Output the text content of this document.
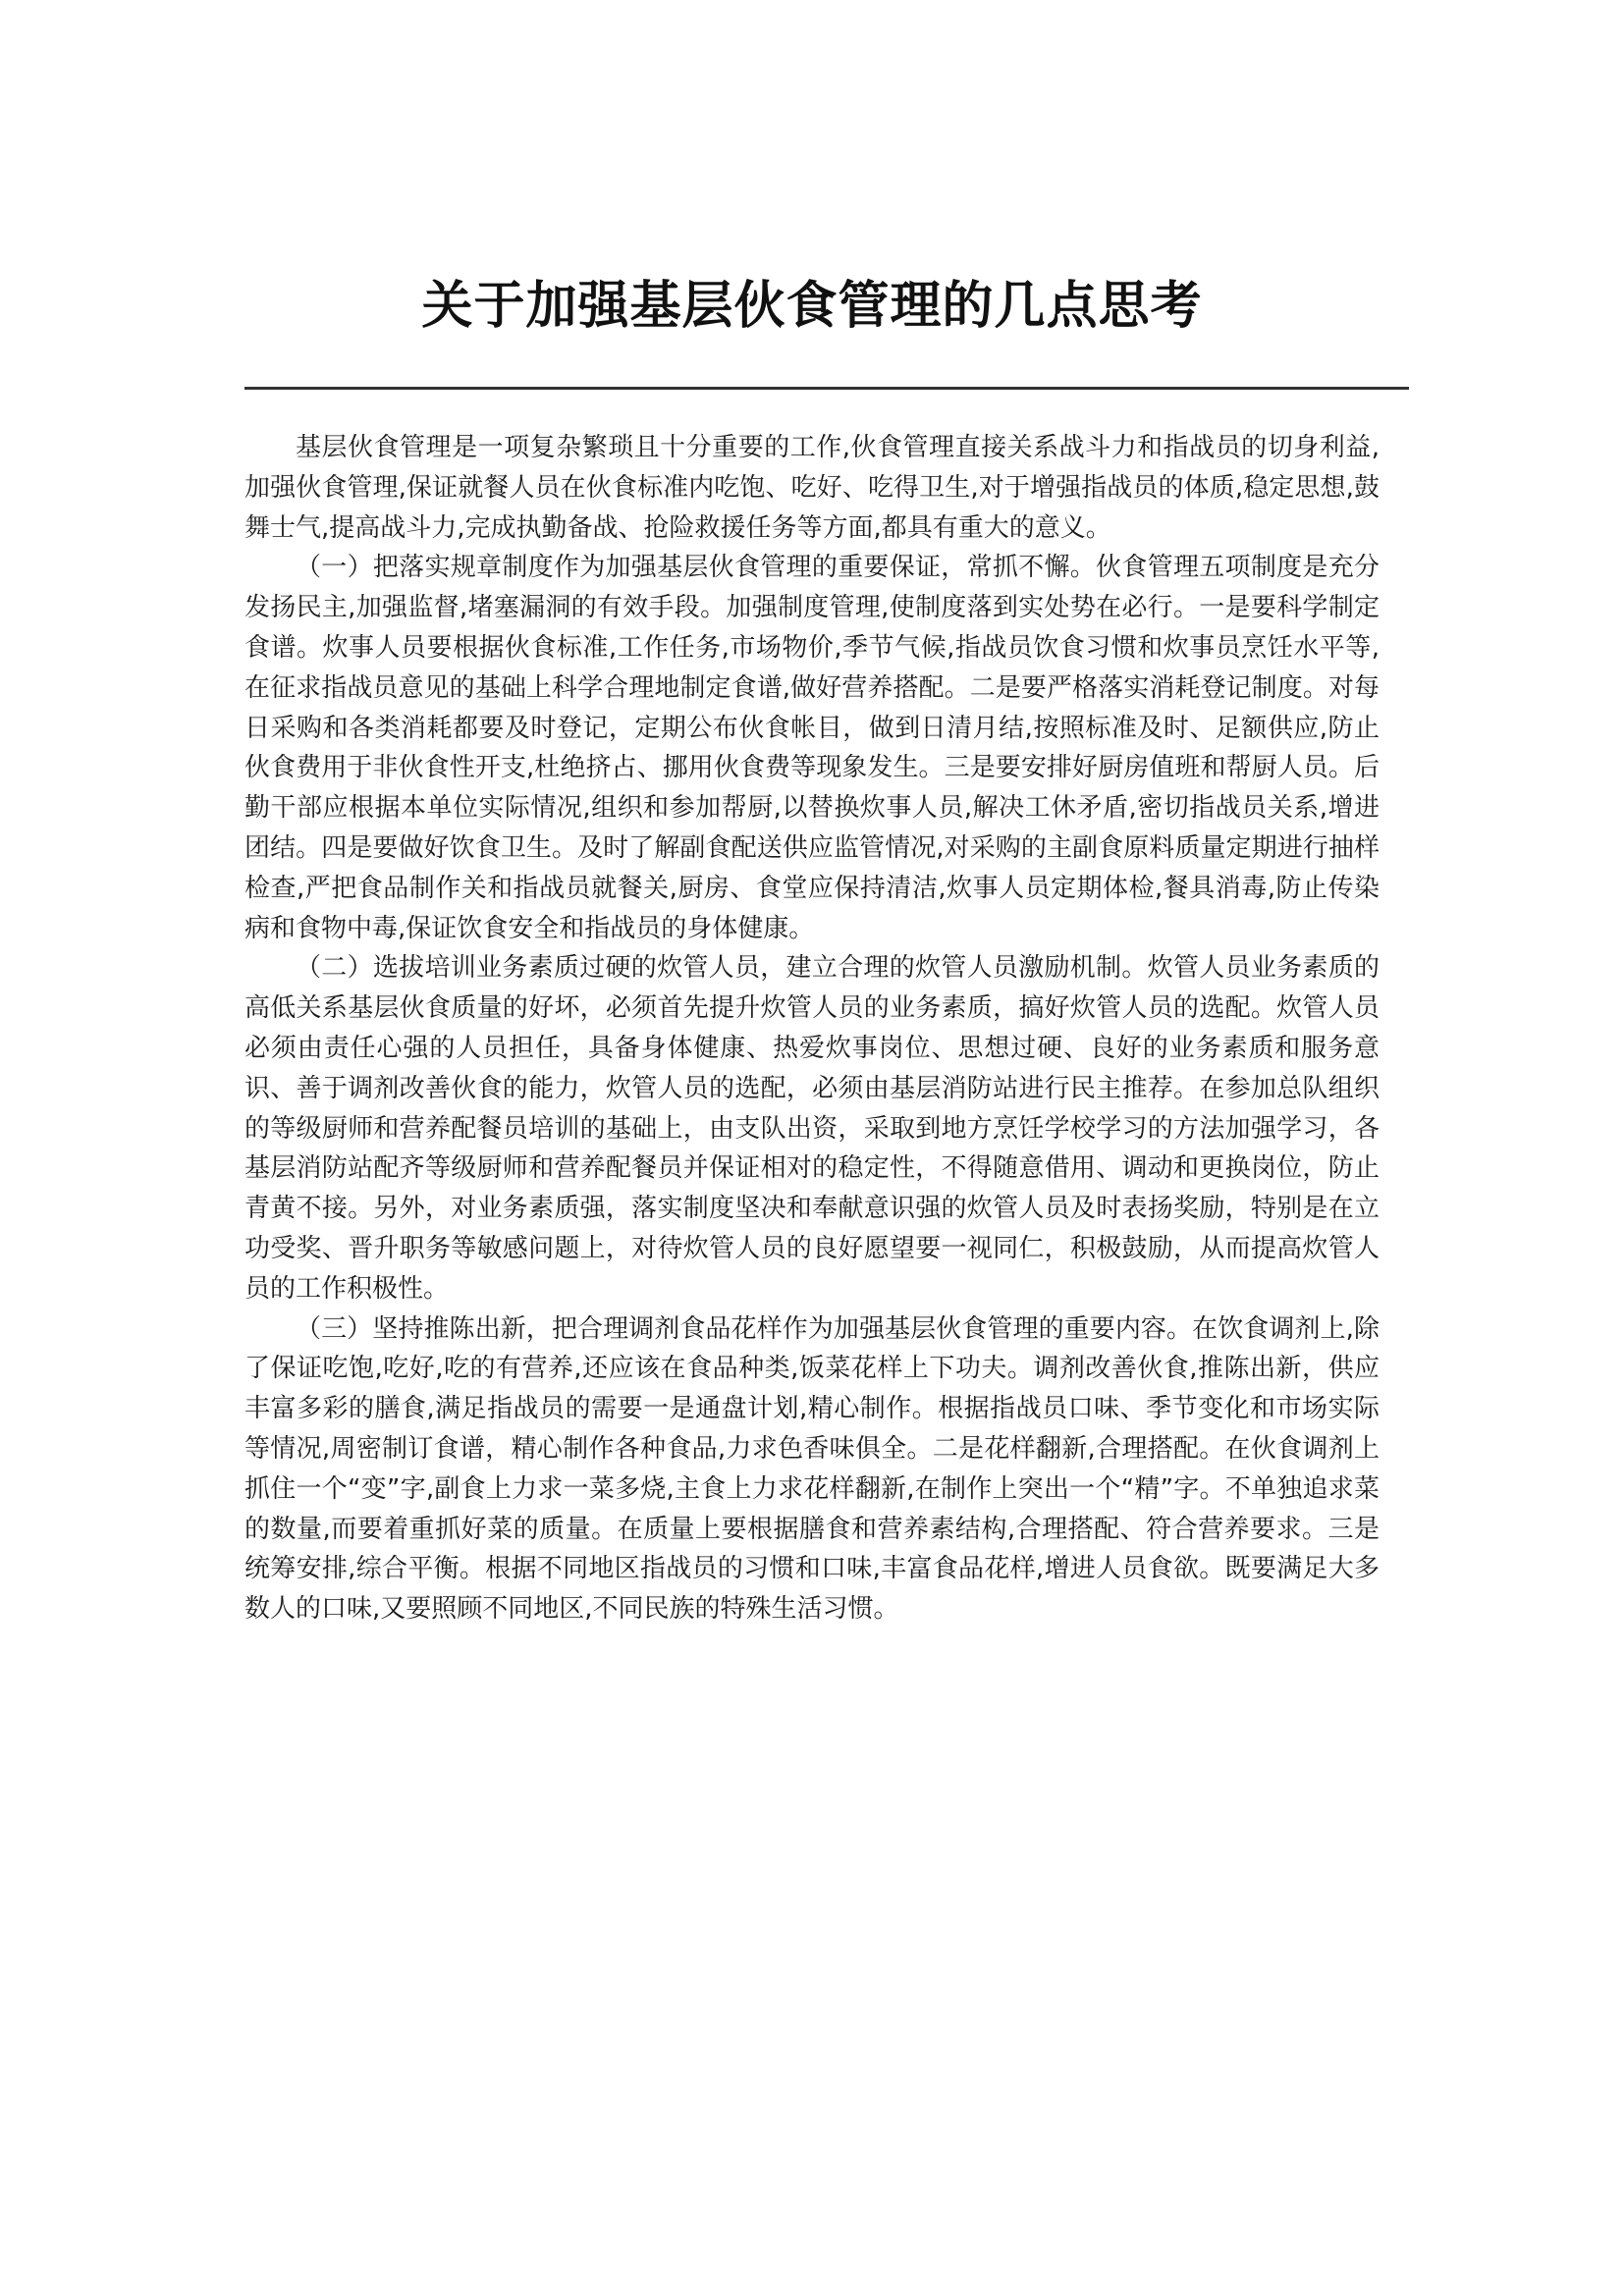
关于加强基层伙食管理的几点思考

基层伙食管理是一项复杂繁琐且十分重要的工作,伙食管理直接关系战斗力和指战员的切身利益,加强伙食管理,保证就餐人员在伙食标准内吃饱、吃好、吃得卫生,对于增强指战员的体质,稳定思想,鼓舞士气,提高战斗力,完成执勤备战、抢险救援任务等方面,都具有重大的意义。

（一）把落实规章制度作为加强基层伙食管理的重要保证，常抓不懈。伙食管理五项制度是充分发扬民主,加强监督,堵塞漏洞的有效手段。加强制度管理,使制度落到实处势在必行。一是要科学制定食谱。炊事人员要根据伙食标准,工作任务,市场物价,季节气候,指战员饮食习惯和炊事员烹饪水平等,在征求指战员意见的基础上科学合理地制定食谱,做好营养搭配。二是要严格落实消耗登记制度。对每日采购和各类消耗都要及时登记，定期公布伙食帐目，做到日清月结,按照标准及时、足额供应,防止伙食费用于非伙食性开支,杜绝挤占、挪用伙食费等现象发生。三是要安排好厨房值班和帮厨人员。后勤干部应根据本单位实际情况,组织和参加帮厨,以替换炊事人员,解决工休矛盾,密切指战员关系,增进团结。四是要做好饮食卫生。及时了解副食配送供应监管情况,对采购的主副食原料质量定期进行抽样检查,严把食品制作关和指战员就餐关,厨房、食堂应保持清洁,炊事人员定期体检,餐具消毒,防止传染病和食物中毒,保证饮食安全和指战员的身体健康。

（二）选拔培训业务素质过硬的炊管人员，建立合理的炊管人员激励机制。炊管人员业务素质的高低关系基层伙食质量的好坏，必须首先提升炊管人员的业务素质，搞好炊管人员的选配。炊管人员必须由责任心强的人员担任，具备身体健康、热爱炊事岗位、思想过硬、良好的业务素质和服务意识、善于调剂改善伙食的能力，炊管人员的选配，必须由基层消防站进行民主推荐。在参加总队组织的等级厨师和营养配餐员培训的基础上，由支队出资，采取到地方烹饪学校学习的方法加强学习，各基层消防站配齐等级厨师和营养配餐员并保证相对的稳定性，不得随意借用、调动和更换岗位，防止青黄不接。另外，对业务素质强，落实制度坚决和奉献意识强的炊管人员及时表扬奖励，特别是在立功受奖、晋升职务等敏感问题上，对待炊管人员的良好愿望要一视同仁，积极鼓励，从而提高炊管人员的工作积极性。

（三）坚持推陈出新，把合理调剂食品花样作为加强基层伙食管理的重要内容。在饮食调剂上,除了保证吃饱,吃好,吃的有营养,还应该在食品种类,饭菜花样上下功夫。调剂改善伙食,推陈出新，供应丰富多彩的膳食,满足指战员的需要一是通盘计划,精心制作。根据指战员口味、季节变化和市场实际等情况,周密制订食谱，精心制作各种食品,力求色香味俱全。二是花样翻新,合理搭配。在伙食调剂上抓住一个“变”字,副食上力求一菜多烧,主食上力求花样翻新,在制作上突出一个“精”字。不单独追求菜的数量,而要着重抓好菜的质量。在质量上要根据膳食和营养素结构,合理搭配、符合营养要求。三是统筹安排,综合平衡。根据不同地区指战员的习惯和口味,丰富食品花样,增进人员食欲。既要满足大多数人的口味,又要照顾不同地区,不同民族的特殊生活习惯。
